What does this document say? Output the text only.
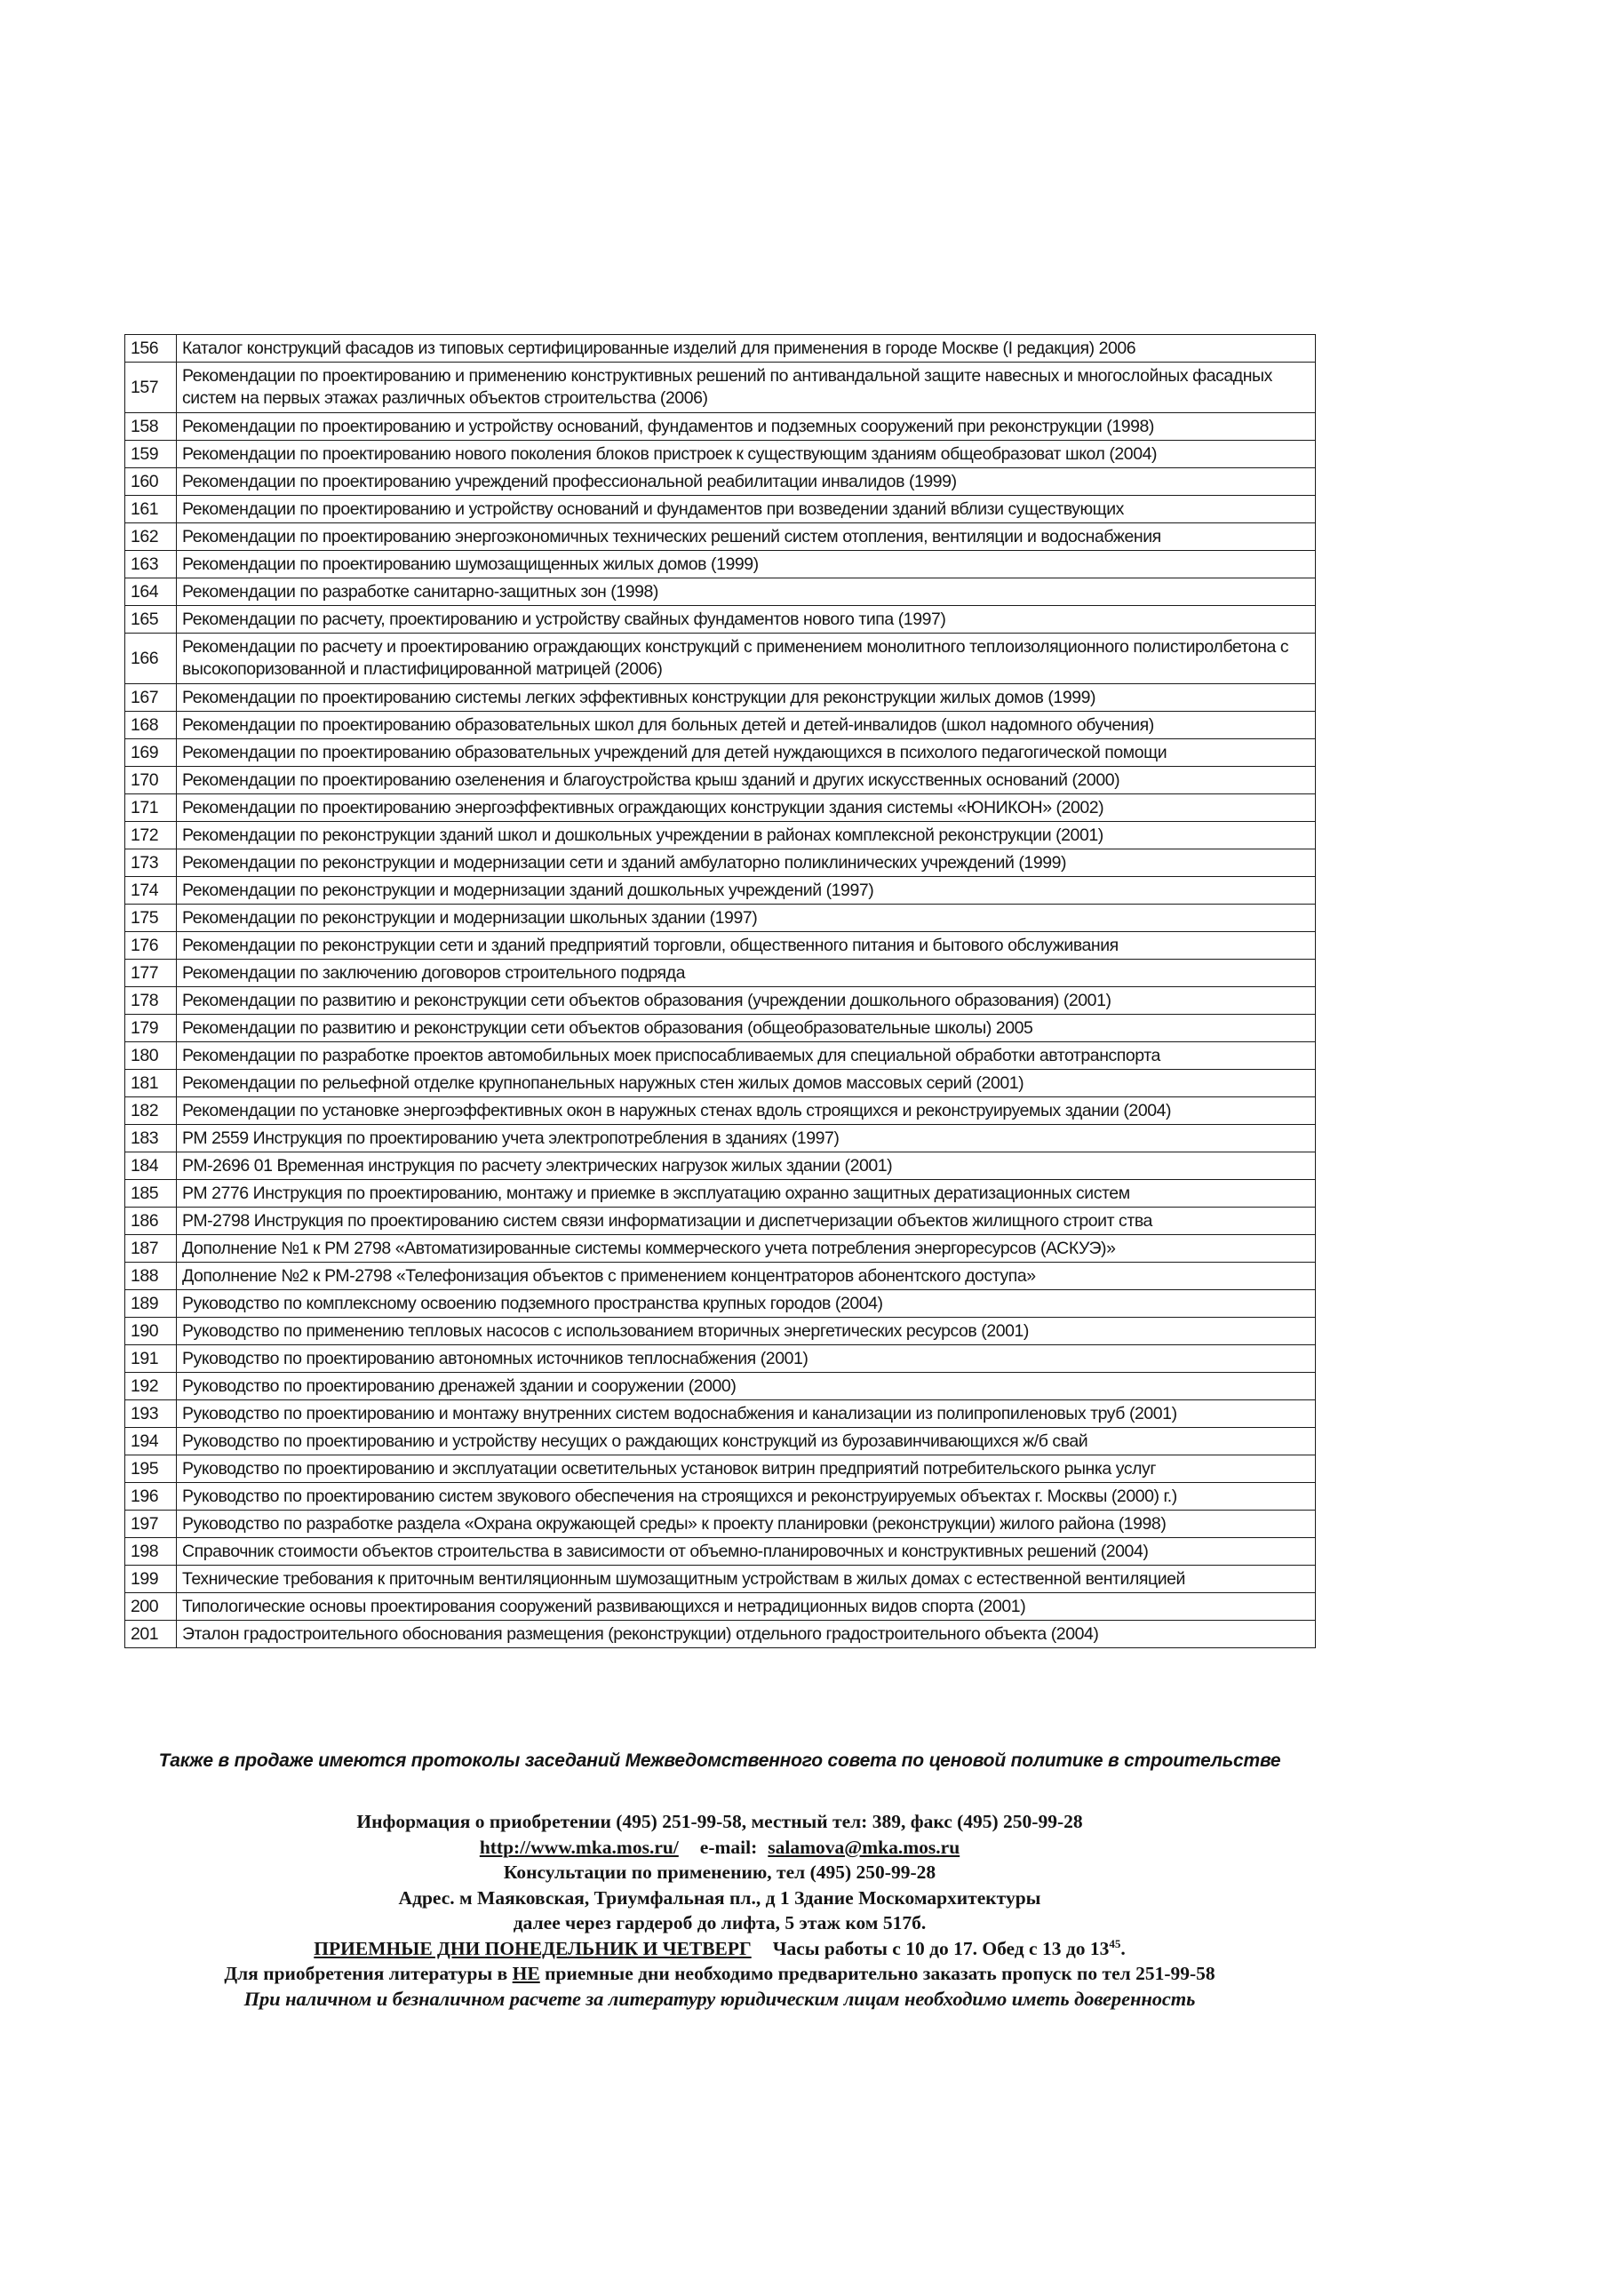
156	Каталог конструкций фасадов из типовых сертифицированные изделий для применения в городе Москве (I редакция) 2006
157	Рекомендации по проектированию и применению конструктивных решений по антивандальной защите навесных и многослойных фасадных систем на первых этажах различных объектов строительства (2006)
158	Рекомендации по проектированию и устройству оснований, фундаментов и подземных сооружений при реконструкции (1998)
159	Рекомендации по проектированию нового поколения блоков пристроек к существующим зданиям общеобразоват школ (2004)
160	Рекомендации по проектированию учреждений профессиональной реабилитации инвалидов (1999)
161	Рекомендации по проектированию и устройству оснований и фундаментов при возведении зданий вблизи существующих
162	Рекомендации по проектированию энергоэкономичных технических решений систем отопления, вентиляции и водоснабжения
163	Рекомендации по проектированию шумозащищенных жилых домов (1999)
164	Рекомендации по разработке санитарно-защитных зон (1998)
165	Рекомендации по расчету, проектированию и устройству свайных фундаментов нового типа (1997)
166	Рекомендации по расчету и проектированию ограждающих конструкций с применением монолитного теплоизоляционного полистиролбетона с высокопоризованной и пластифицированной матрицей (2006)
167	Рекомендации по проектированию системы легких эффективных конструкции для реконструкции жилых домов (1999)
168	Рекомендации по проектированию образовательных школ для больных детей и детей-инвалидов (школ надомного обучения)
169	Рекомендации по проектированию образовательных учреждений для детей нуждающихся в психолого педагогической помощи
170	Рекомендации по проектированию озеленения и благоустройства крыш зданий и других искусственных оснований (2000)
171	Рекомендации по проектированию энергоэффективных ограждающих конструкции здания системы «ЮНИКОН» (2002)
172	Рекомендации по реконструкции зданий школ и дошкольных учреждении в районах комплексной реконструкции (2001)
173	Рекомендации по реконструкции и модернизации сети и зданий амбулаторно поликлинических учреждений (1999)
174	Рекомендации по реконструкции и модернизации зданий дошкольных учреждений (1997)
175	Рекомендации по реконструкции и модернизации школьных здании (1997)
176	Рекомендации по реконструкции сети и зданий предприятий торговли, общественного питания и бытового обслуживания
177	Рекомендации по заключению договоров строительного подряда
178	Рекомендации по развитию и реконструкции сети объектов образования (учреждении дошкольного образования) (2001)
179	Рекомендации по развитию и реконструкции сети объектов образования (общеобразовательные школы) 2005
180	Рекомендации по разработке проектов автомобильных моек приспосабливаемых для специальной обработки автотранспорта
181	Рекомендации по рельефной отделке крупнопанельных наружных стен жилых домов массовых серий (2001)
182	Рекомендации по установке энергоэффективных окон в наружных стенах вдоль строящихся и реконструируемых здании (2004)
183	РМ 2559 Инструкция по проектированию учета электропотребления в зданиях (1997)
184	РМ-2696 01 Временная инструкция по расчету электрических нагрузок жилых здании (2001)
185	РМ 2776 Инструкция по проектированию, монтажу и приемке в эксплуатацию охранно защитных дератизационных систем
186	РМ-2798 Инструкция по проектированию систем связи информатизации и диспетчеризации объектов жилищного строит ства
187	Дополнение №1 к РМ 2798 «Автоматизированные системы коммерческого учета потребления энергоресурсов (АСКУЭ)»
188	Дополнение №2 к РМ-2798 «Телефонизация объектов с применением концентраторов абонентского доступа»
189	Руководство по комплексному освоению подземного пространства крупных городов (2004)
190	Руководство по применению тепловых насосов с использованием вторичных энергетических ресурсов (2001)
191	Руководство по проектированию автономных источников теплоснабжения (2001)
192	Руководство по проектированию дренажей здании и сооружении (2000)
193	Руководство по проектированию и монтажу внутренних систем водоснабжения и канализации из полипропиленовых труб (2001)
194	Руководство по проектированию и устройству несущих о раждающих конструкций из бурозавинчивающихся ж/б свай
195	Руководство по проектированию и эксплуатации осветительных установок витрин предприятий потребительского рынка услуг
196	Руководство по проектированию систем звукового обеспечения на строящихся и реконструируемых объектах г. Москвы (2000) г.)
197	Руководство по разработке раздела «Охрана окружающей среды» к проекту планировки (реконструкции) жилого района (1998)
198	Справочник стоимости объектов строительства в зависимости от объемно-планировочных и конструктивных решений (2004)
199	Технические требования к приточным вентиляционным шумозащитным устройствам в жилых домах с естественной вентиляцией
200	Типологические основы проектирования сооружений развивающихся и нетрадиционных видов спорта (2001)
201	Эталон градостроительного обоснования размещения (реконструкции) отдельного градостроительного объекта (2004)
Также в продаже имеются протоколы заседаний Межведомственного совета по ценовой политике в строительстве

Информация о приобретении (495) 251-99-58, местный тел: 389, факс (495) 250-99-28

http://www.mka.mos.ru/ e-mail: salamova@mka.mos.ru

Консультации по применению, тел (495) 250-99-28

Адрес. м Маяковская, Триумфальная пл., д 1 Здание Москомархитектуры

далее через гардероб до лифта, 5 этаж ком 517б.

ПРИЕМНЫЕ ДНИ ПОНЕДЕЛЬНИК И ЧЕТВЕРГ Часы работы с 10 до 17. Обед с 13 до $13^{45}$.

Для приобретения литературы в НЕ приемные дни необходимо предварительно заказать пропуск по тел 251-99-58

При наличном и безналичном расчете за литературу юридическим лицам необходимо иметь доверенность
